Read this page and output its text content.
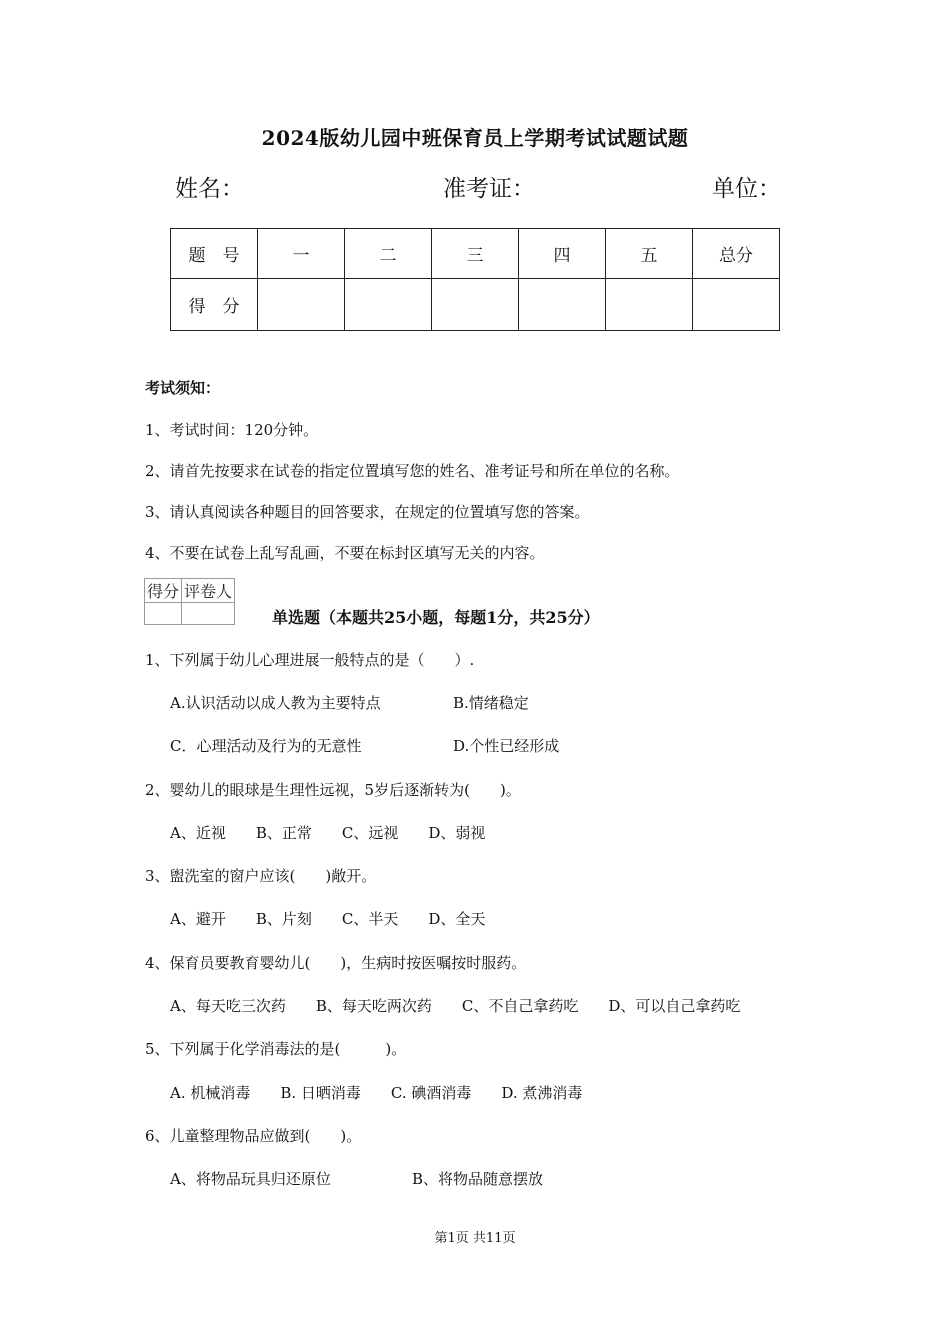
2024版幼儿园中班保育员上学期考试试题试题
姓名：	准考证：	单位：
题　号	一	二	三	四	五	总分
得　分						
考试须知：
1、考试时间：120分钟。
2、请首先按要求在试卷的指定位置填写您的姓名、准考证号和所在单位的名称。
3、请认真阅读各种题目的回答要求，在规定的位置填写您的答案。
4、不要在试卷上乱写乱画，不要在标封区填写无关的内容。
得分	评卷人

单选题（本题共25小题，每题1分，共25分）
1、下列属于幼儿心理进展一般特点的是（　　）.
A.认识活动以成人教为主要特点	B.情绪稳定
C．心理活动及行为的无意性	D.个性已经形成
2、婴幼儿的眼球是生理性远视，5岁后逐渐转为(　　)。
A、近视　　B、正常　　C、远视　　D、弱视
3、盥洗室的窗户应该(　　)敞开。
A、避开　　B、片刻　　C、半天　　D、全天
4、保育员要教育婴幼儿(　　)，生病时按医嘱按时服药。
A、每天吃三次药　　B、每天吃两次药　　C、不自己拿药吃　　D、可以自己拿药吃
5、下列属于化学消毒法的是(　　　)。
A. 机械消毒　　B. 日晒消毒　　C. 碘酒消毒　　D. 煮沸消毒
6、儿童整理物品应做到(　　)。
A、将物品玩具归还原位	B、将物品随意摆放
第1页 共11页
